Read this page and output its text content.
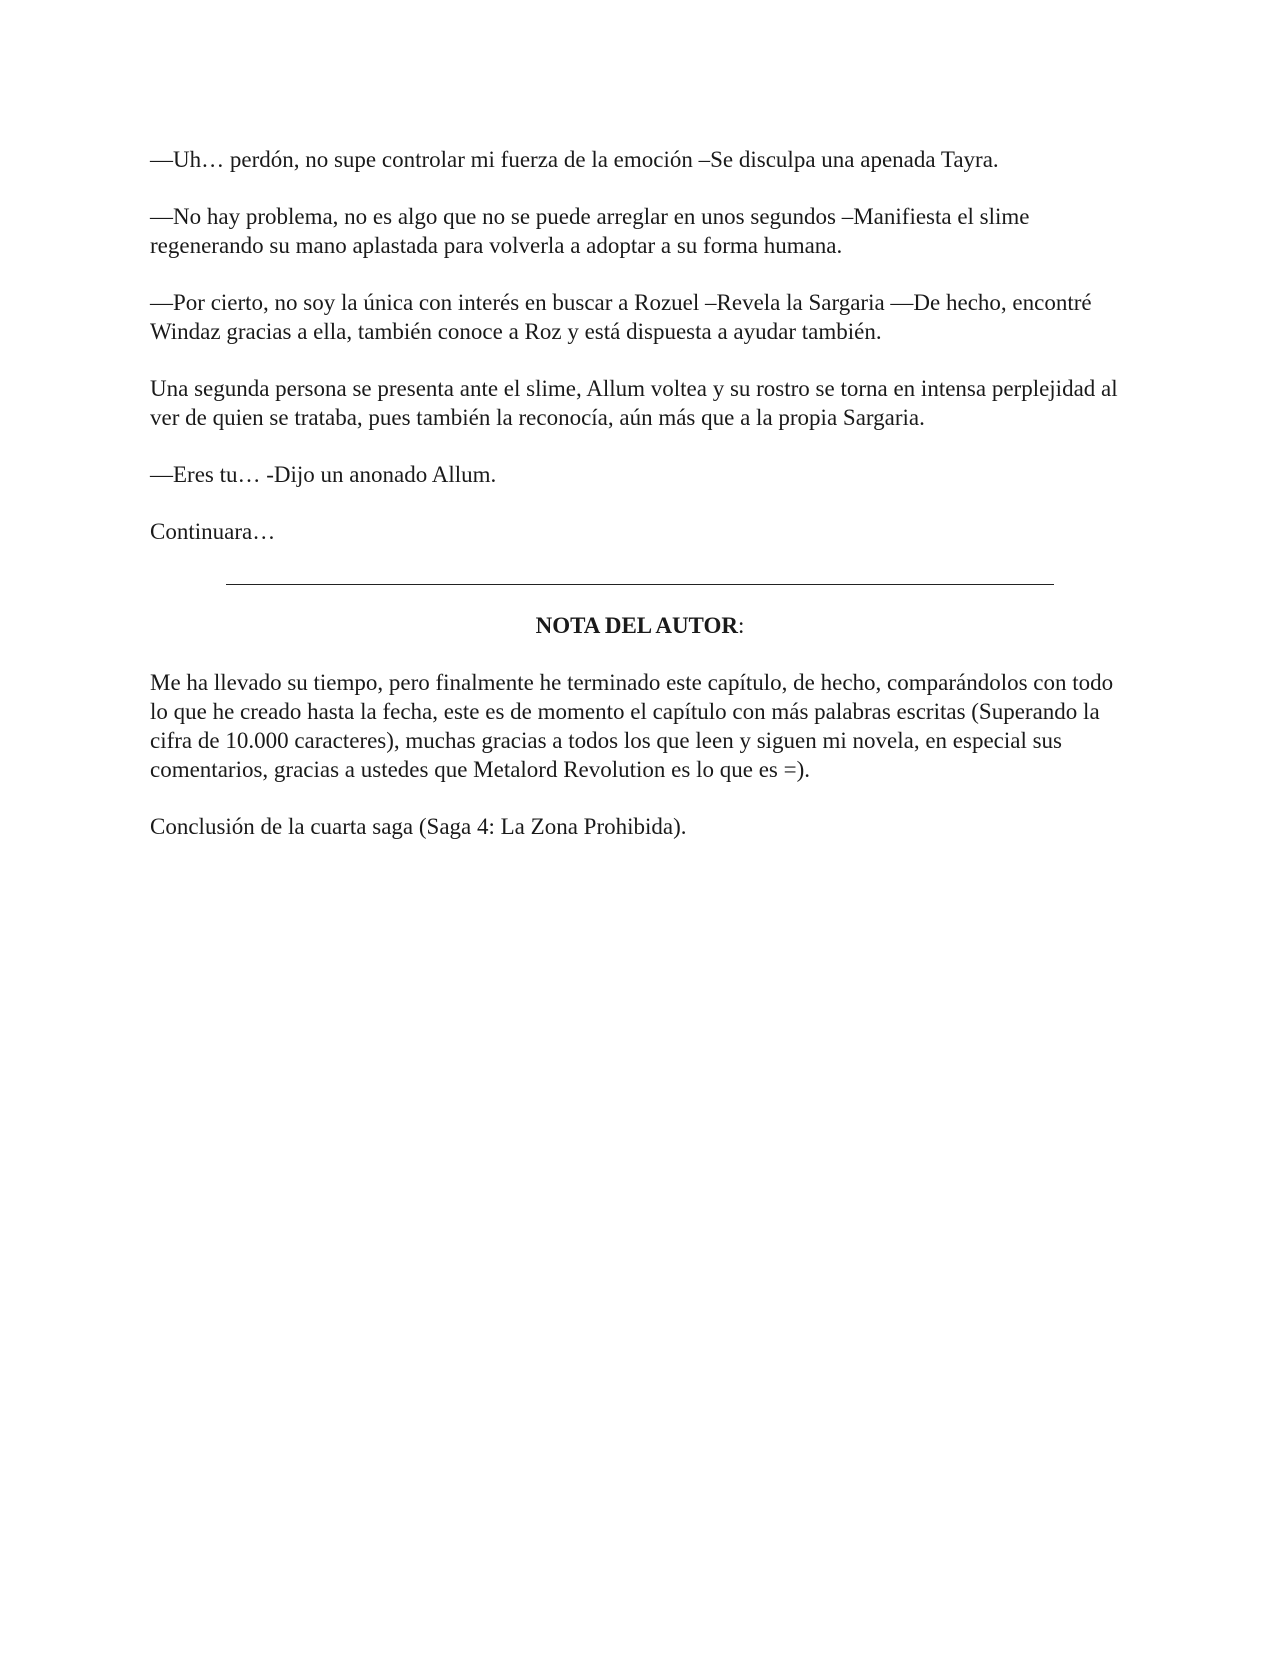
—Uh… perdón, no supe controlar mi fuerza de la emoción –Se disculpa una apenada Tayra.

—No hay problema, no es algo que no se puede arreglar en unos segundos –Manifiesta el slime regenerando su mano aplastada para volverla a adoptar a su forma humana.

—Por cierto, no soy la única con interés en buscar a Rozuel –Revela la Sargaria —De hecho, encontré Windaz gracias a ella, también conoce a Roz y está dispuesta a ayudar también.

Una segunda persona se presenta ante el slime, Allum voltea y su rostro se torna en intensa perplejidad al ver de quien se trataba, pues también la reconocía, aún más que a la propia Sargaria.

—Eres tu… -Dijo un anonado Allum.

Continuara…

NOTA DEL AUTOR:

Me ha llevado su tiempo, pero finalmente he terminado este capítulo, de hecho, comparándolos con todo lo que he creado hasta la fecha, este es de momento el capítulo con más palabras escritas (Superando la cifra de 10.000 caracteres), muchas gracias a todos los que leen y siguen mi novela, en especial sus comentarios, gracias a ustedes que Metalord Revolution es lo que es =).

Conclusión de la cuarta saga (Saga 4: La Zona Prohibida).
